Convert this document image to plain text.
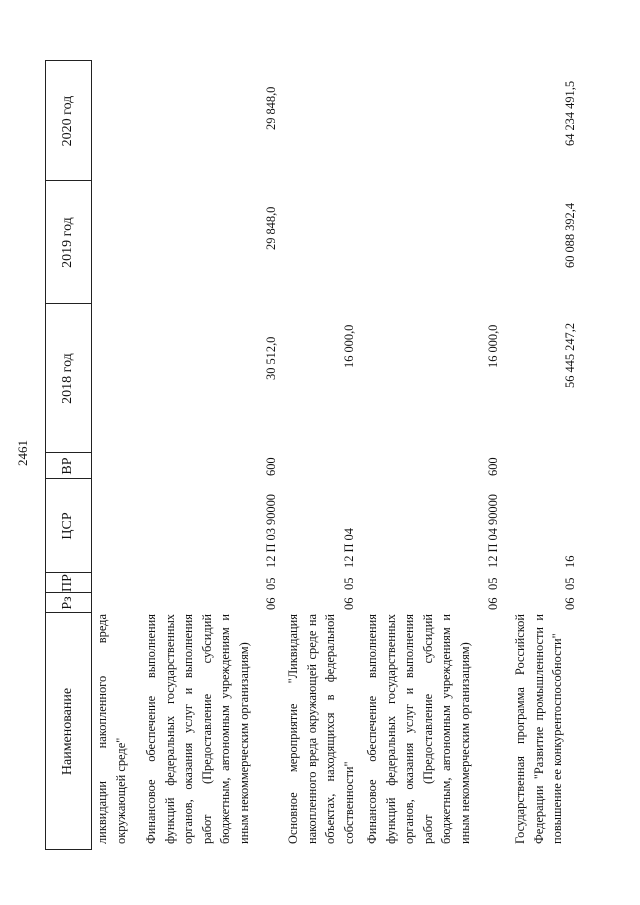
2461
Наименование
Рз
ПР
ЦСР
ВР
2018 год
2019 год
2020 год
ликвидации накопленного вреда окружающей среде" Финансовое обеспечение выполнения функций федеральных государственных органов, оказания услуг и выполнения работ (Предоставление субсидий бюджетным, автономным учреждениям и иным некоммерческим организациям)
06
05
12 П 03 90000
600
30 512,0
29 848,0
29 848,0
Основное мероприятие "Ликвидация накопленного вреда окружающей среде на объектах, находящихся в федеральной собственности"
06
05
12 П 04
16 000,0
Финансовое обеспечение выполнения функций федеральных государственных органов, оказания услуг и выполнения работ (Предоставление субсидий бюджетным, автономным учреждениям и иным некоммерческим организациям)
06
05
12 П 04 90000
600
16 000,0
Государственная программа Российской Федерации "Развитие промышленности и повышение ее конкурентоспособности"
06
05
16
56 445 247,2
60 088 392,4
64 234 491,5
